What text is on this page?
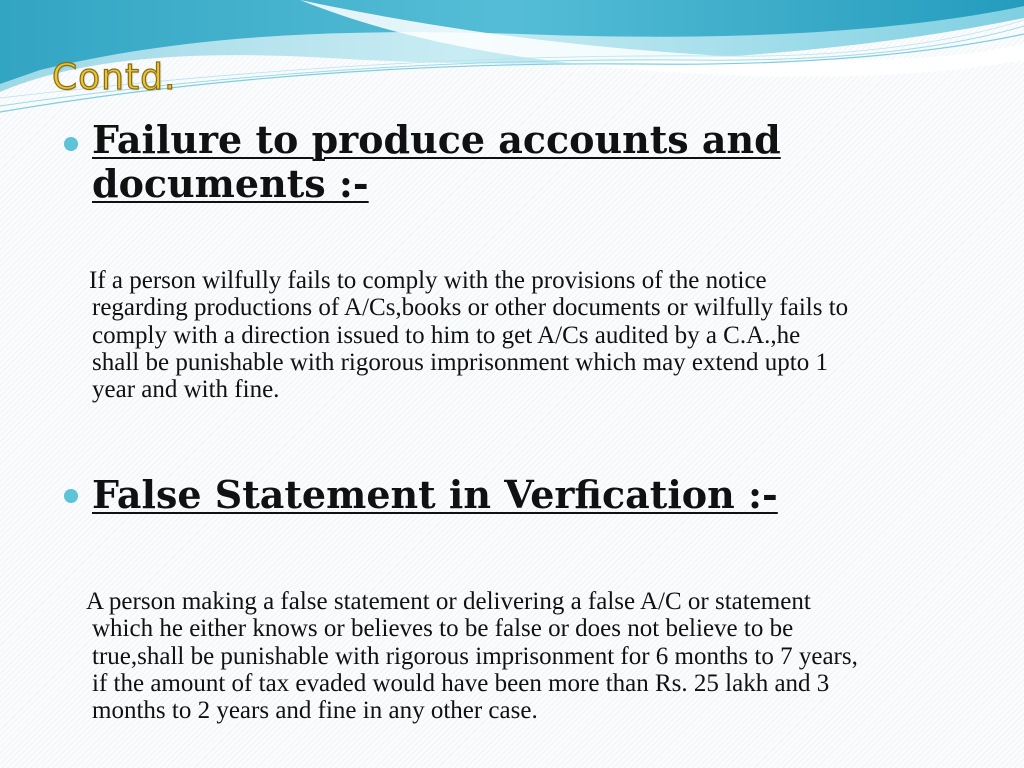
Contd.
Failure to produce accounts and documents :-

If a person wilfully fails to comply with the provisions of the notice regarding productions of A/Cs,books or other documents or wilfully fails to comply with a direction issued to him to get A/Cs audited by a C.A.,he shall be punishable with rigorous imprisonment which may extend upto 1 year and with fine.

False Statement in Verfication :-

A person making a false statement or delivering a false A/C or statement which he either knows or believes to be false or does not believe to be true,shall be punishable with rigorous imprisonment for 6 months to 7 years, if the amount of tax evaded would have been more than Rs. 25 lakh and 3 months to 2 years and fine in any other case.
